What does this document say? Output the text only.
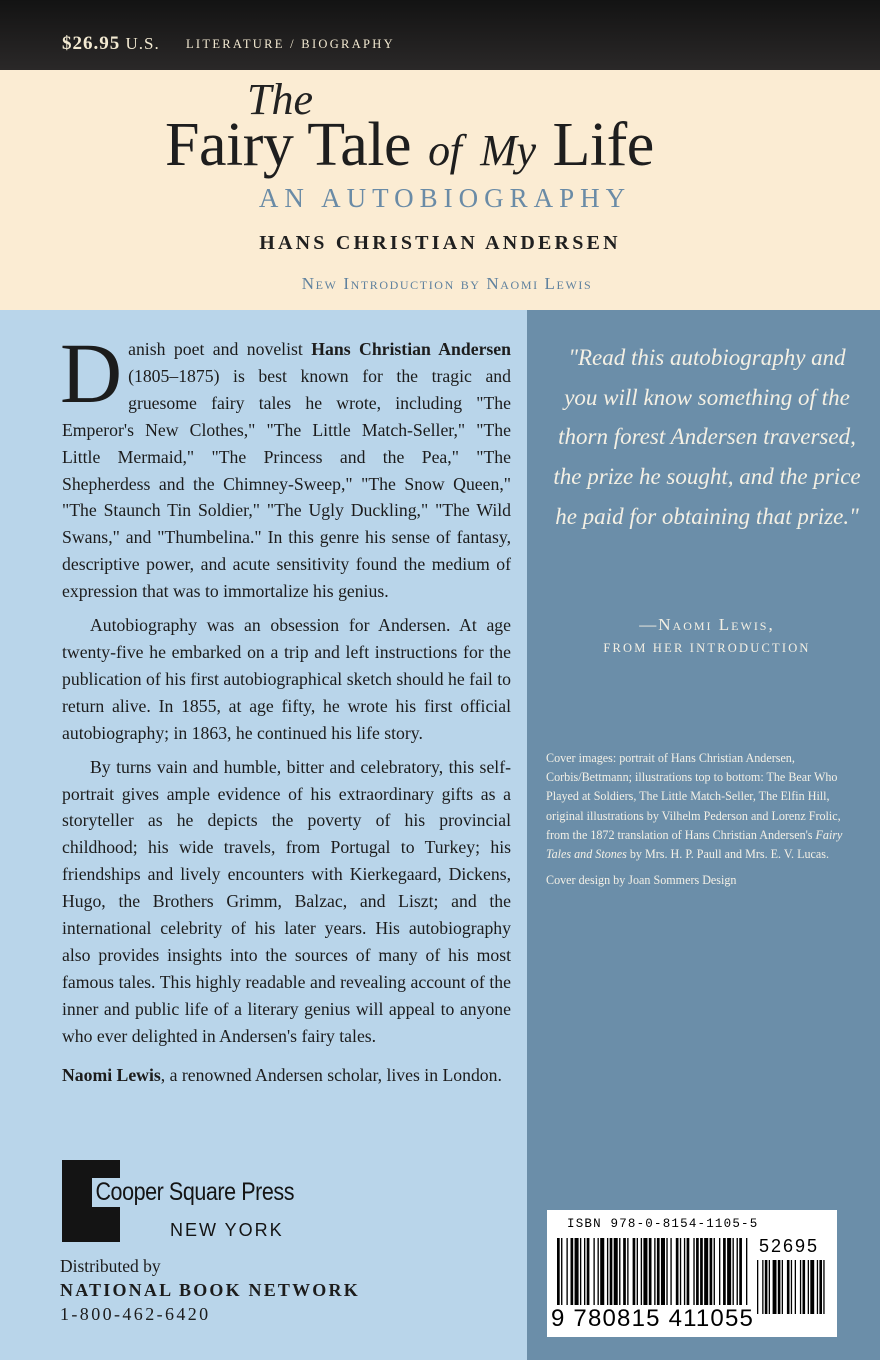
$26.95 U.S. LITERATURE / BIOGRAPHY
The
Fairy Tale of My Life
AN AUTOBIOGRAPHY
HANS CHRISTIAN ANDERSEN
New Introduction by Naomi Lewis

Danish poet and novelist Hans Christian Andersen (1805–1875) is best known for the tragic and gruesome fairy tales he wrote, including "The Emperor's New Clothes," "The Little Match-Seller," "The Little Mermaid," "The Princess and the Pea," "The Shepherdess and the Chimney-Sweep," "The Snow Queen," "The Staunch Tin Soldier," "The Ugly Duckling," "The Wild Swans," and "Thumbelina." In this genre his sense of fantasy, descriptive power, and acute sensitivity found the medium of expression that was to immortalize his genius.

Autobiography was an obsession for Andersen. At age twenty-five he embarked on a trip and left instructions for the publication of his first autobiographical sketch should he fail to return alive. In 1855, at age fifty, he wrote his first official autobiography; in 1863, he continued his life story.

By turns vain and humble, bitter and celebratory, this self-portrait gives ample evidence of his extraordinary gifts as a storyteller as he depicts the poverty of his provincial childhood; his wide travels, from Portugal to Turkey; his friendships and lively encounters with Kierkegaard, Dickens, Hugo, the Brothers Grimm, Balzac, and Liszt; and the international celebrity of his later years. His autobiography also provides insights into the sources of many of his most famous tales. This highly readable and revealing account of the inner and public life of a literary genius will appeal to anyone who ever delighted in Andersen's fairy tales.

Naomi Lewis, a renowned Andersen scholar, lives in London.

Cooper Square Press
NEW YORK
Distributed by
NATIONAL BOOK NETWORK
1-800-462-6420
"Read this autobiography and you will know something of the thorn forest Andersen traversed, the prize he sought, and the price he paid for obtaining that prize."
—Naomi Lewis,
FROM HER INTRODUCTION

Cover images: portrait of Hans Christian Andersen, Corbis/Bettmann; illustrations top to bottom: The Bear Who Played at Soldiers, The Little Match-Seller, The Elfin Hill, original illustrations by Vilhelm Pederson and Lorenz Frolic, from the 1872 translation of Hans Christian Andersen's Fairy Tales and Stones by Mrs. H. P. Paull and Mrs. E. V. Lucas.

Cover design by Joan Sommers Design

ISBN 978-0-8154-1105-5
52695
9 780815 411055
